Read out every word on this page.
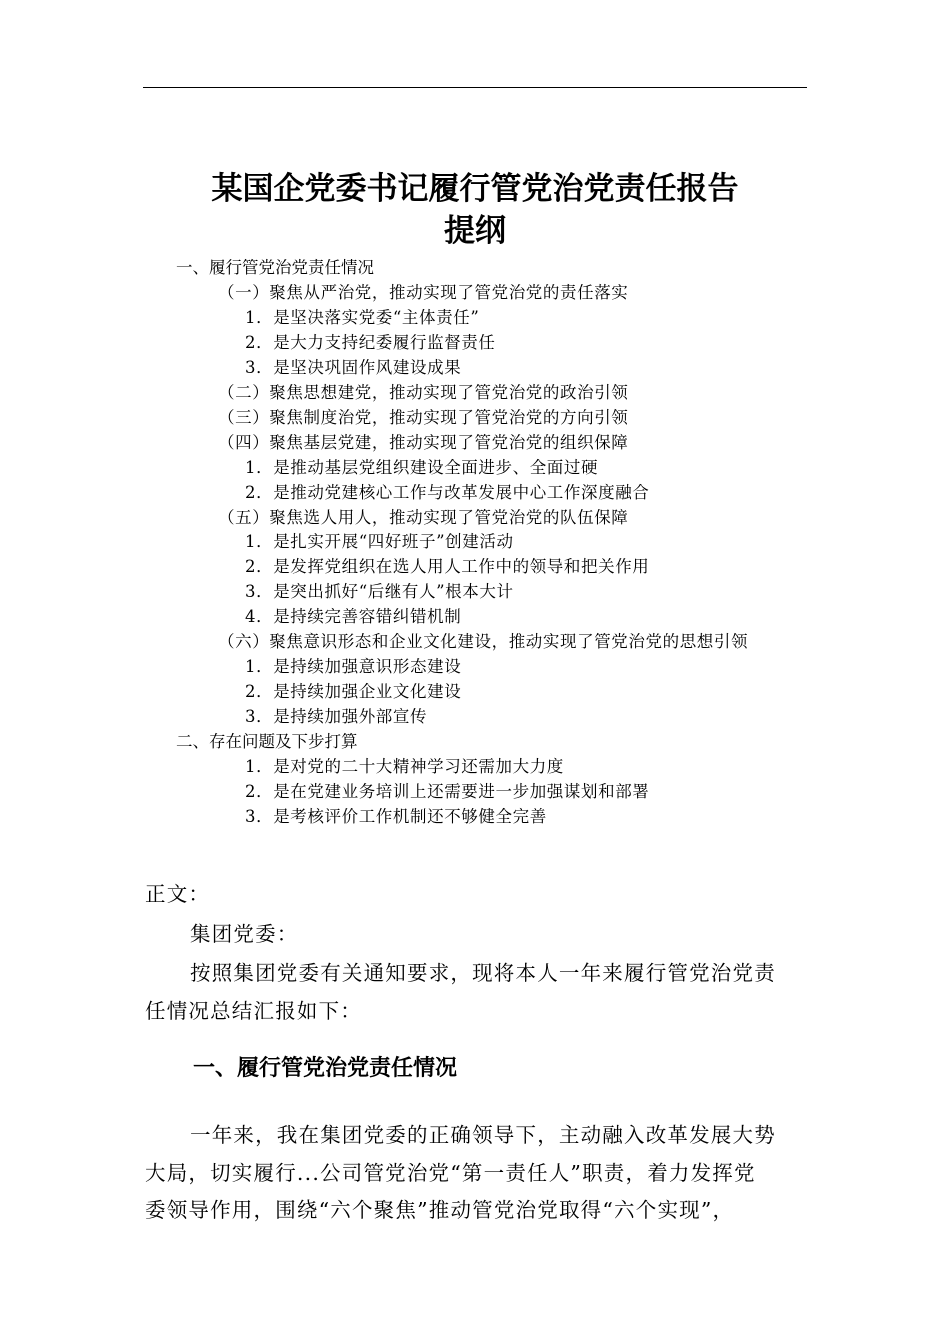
某国企党委书记履行管党治党责任报告
提纲
一、履行管党治党责任情况
（一）聚焦从严治党，推动实现了管党治党的责任落实
1．是坚决落实党委“主体责任”
2．是大力支持纪委履行监督责任
3．是坚决巩固作风建设成果
（二）聚焦思想建党，推动实现了管党治党的政治引领
（三）聚焦制度治党，推动实现了管党治党的方向引领
（四）聚焦基层党建，推动实现了管党治党的组织保障
1．是推动基层党组织建设全面进步、全面过硬
2．是推动党建核心工作与改革发展中心工作深度融合
（五）聚焦选人用人，推动实现了管党治党的队伍保障
1．是扎实开展“四好班子”创建活动
2．是发挥党组织在选人用人工作中的领导和把关作用
3．是突出抓好“后继有人”根本大计
4．是持续完善容错纠错机制
（六）聚焦意识形态和企业文化建设，推动实现了管党治党的思想引领
1．是持续加强意识形态建设
2．是持续加强企业文化建设
3．是持续加强外部宣传
二、存在问题及下步打算
1．是对党的二十大精神学习还需加大力度
2．是在党建业务培训上还需要进一步加强谋划和部署
3．是考核评价工作机制还不够健全完善
正文：
集团党委：
按照集团党委有关通知要求，现将本人一年来履行管党治党责
任情况总结汇报如下：
一、履行管党治党责任情况
一年来，我在集团党委的正确领导下，主动融入改革发展大势
大局，切实履行...公司管党治党“第一责任人”职责，着力发挥党
委领导作用，围绕“六个聚焦”推动管党治党取得“六个实现”，
